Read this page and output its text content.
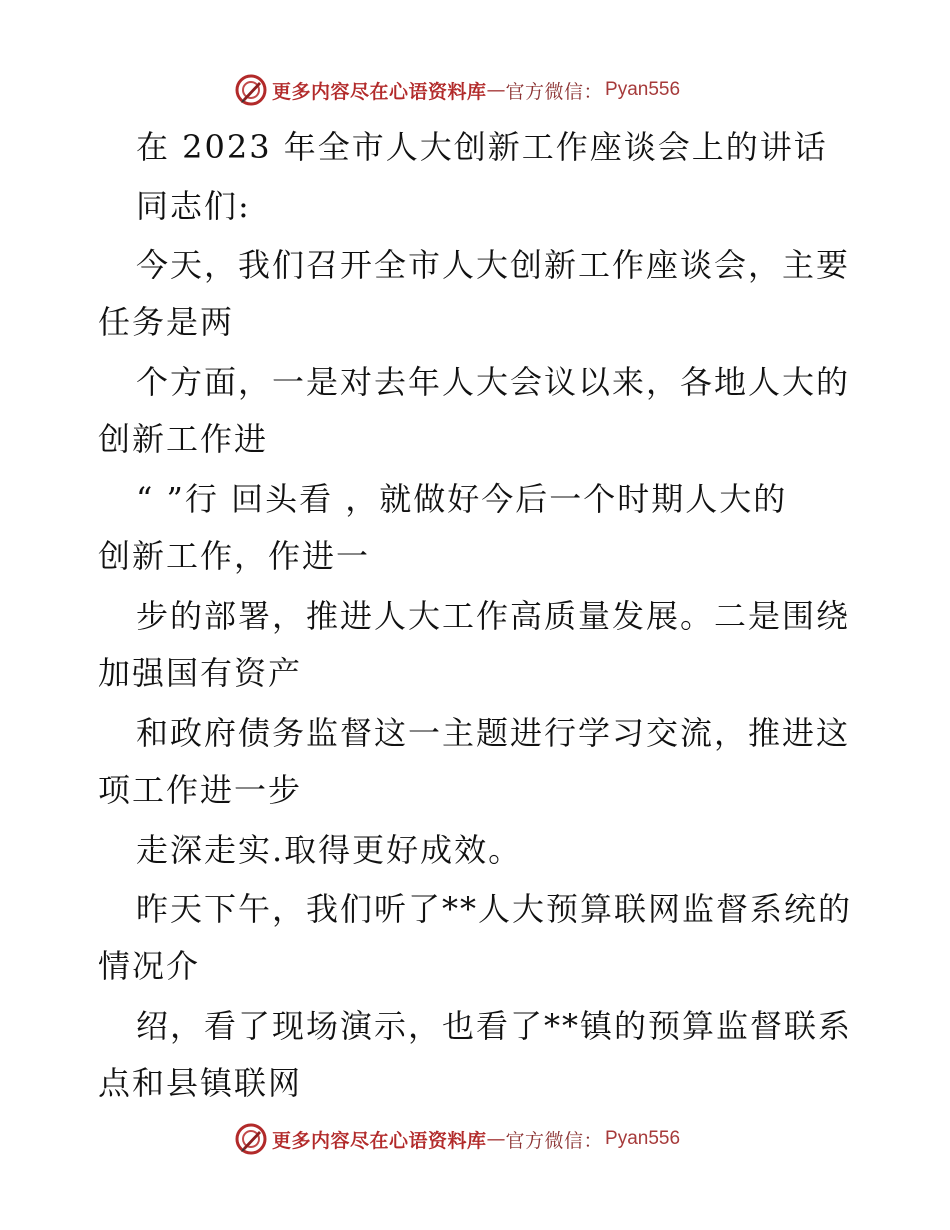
更多内容尽在心语资料库 — 官方微信： Pyan556
在 2023 年全市人大创新工作座谈会上的讲话
同志们:
今天，我们召开全市人大创新工作座谈会，主要
任务是两
个方面，一是对去年人大会议以来，各地人大的
创新工作进
“ ”行 回头看 ，就做好今后一个时期人大的
创新工作，作进一
步的部署，推进人大工作高质量发展。二是围绕
加强国有资产
和政府债务监督这一主题进行学习交流，推进这
项工作进一步
走深走实.取得更好成效。
昨天下午，我们听了**人大预算联网监督系统的
情况介
绍，看了现场演示，也看了**镇的预算监督联系
点和县镇联网
更多内容尽在心语资料库 — 官方微信： Pyan556
